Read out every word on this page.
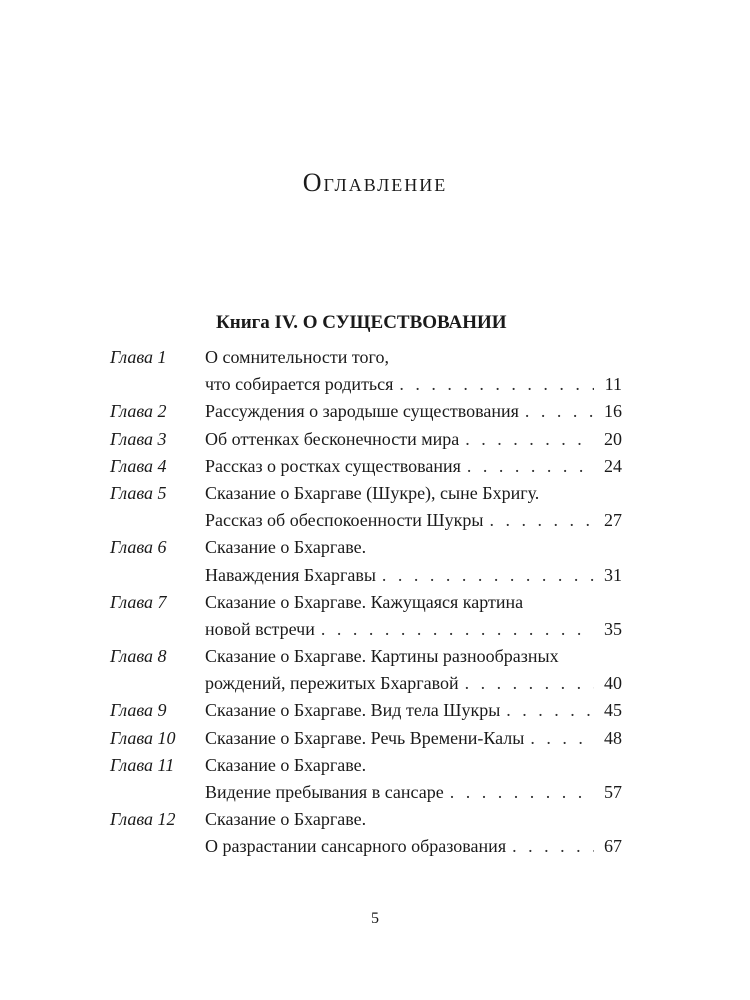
Оглавление
Книга IV. О СУЩЕСТВОВАНИИ
Глава 1	О сомнительности того,
что собирается родиться . . .	11
Глава 2	Рассуждения о зародыше существования . . .	16
Глава 3	Об оттенках бесконечности мира . . .	20
Глава 4	Рассказ о ростках существования . . .	24
Глава 5	Сказание о Бхаргаве (Шукре), сыне Бхригу.
Рассказ об обеспокоенности Шукры . . .	27
Глава 6	Сказание о Бхаргаве.
Наваждения Бхаргавы . . .	31
Глава 7	Сказание о Бхаргаве. Кажущаяся картина
новой встречи . . .	35
Глава 8	Сказание о Бхаргаве. Картины разнообразных
рождений, пережитых Бхаргавой . . .	40
Глава 9	Сказание о Бхаргаве. Вид тела Шукры . . .	45
Глава 10	Сказание о Бхаргаве. Речь Времени-Калы . . .	48
Глава 11	Сказание о Бхаргаве.
Видение пребывания в сансаре . . .	57
Глава 12	Сказание о Бхаргаве.
О разрастании сансарного образования . . .	67
5
